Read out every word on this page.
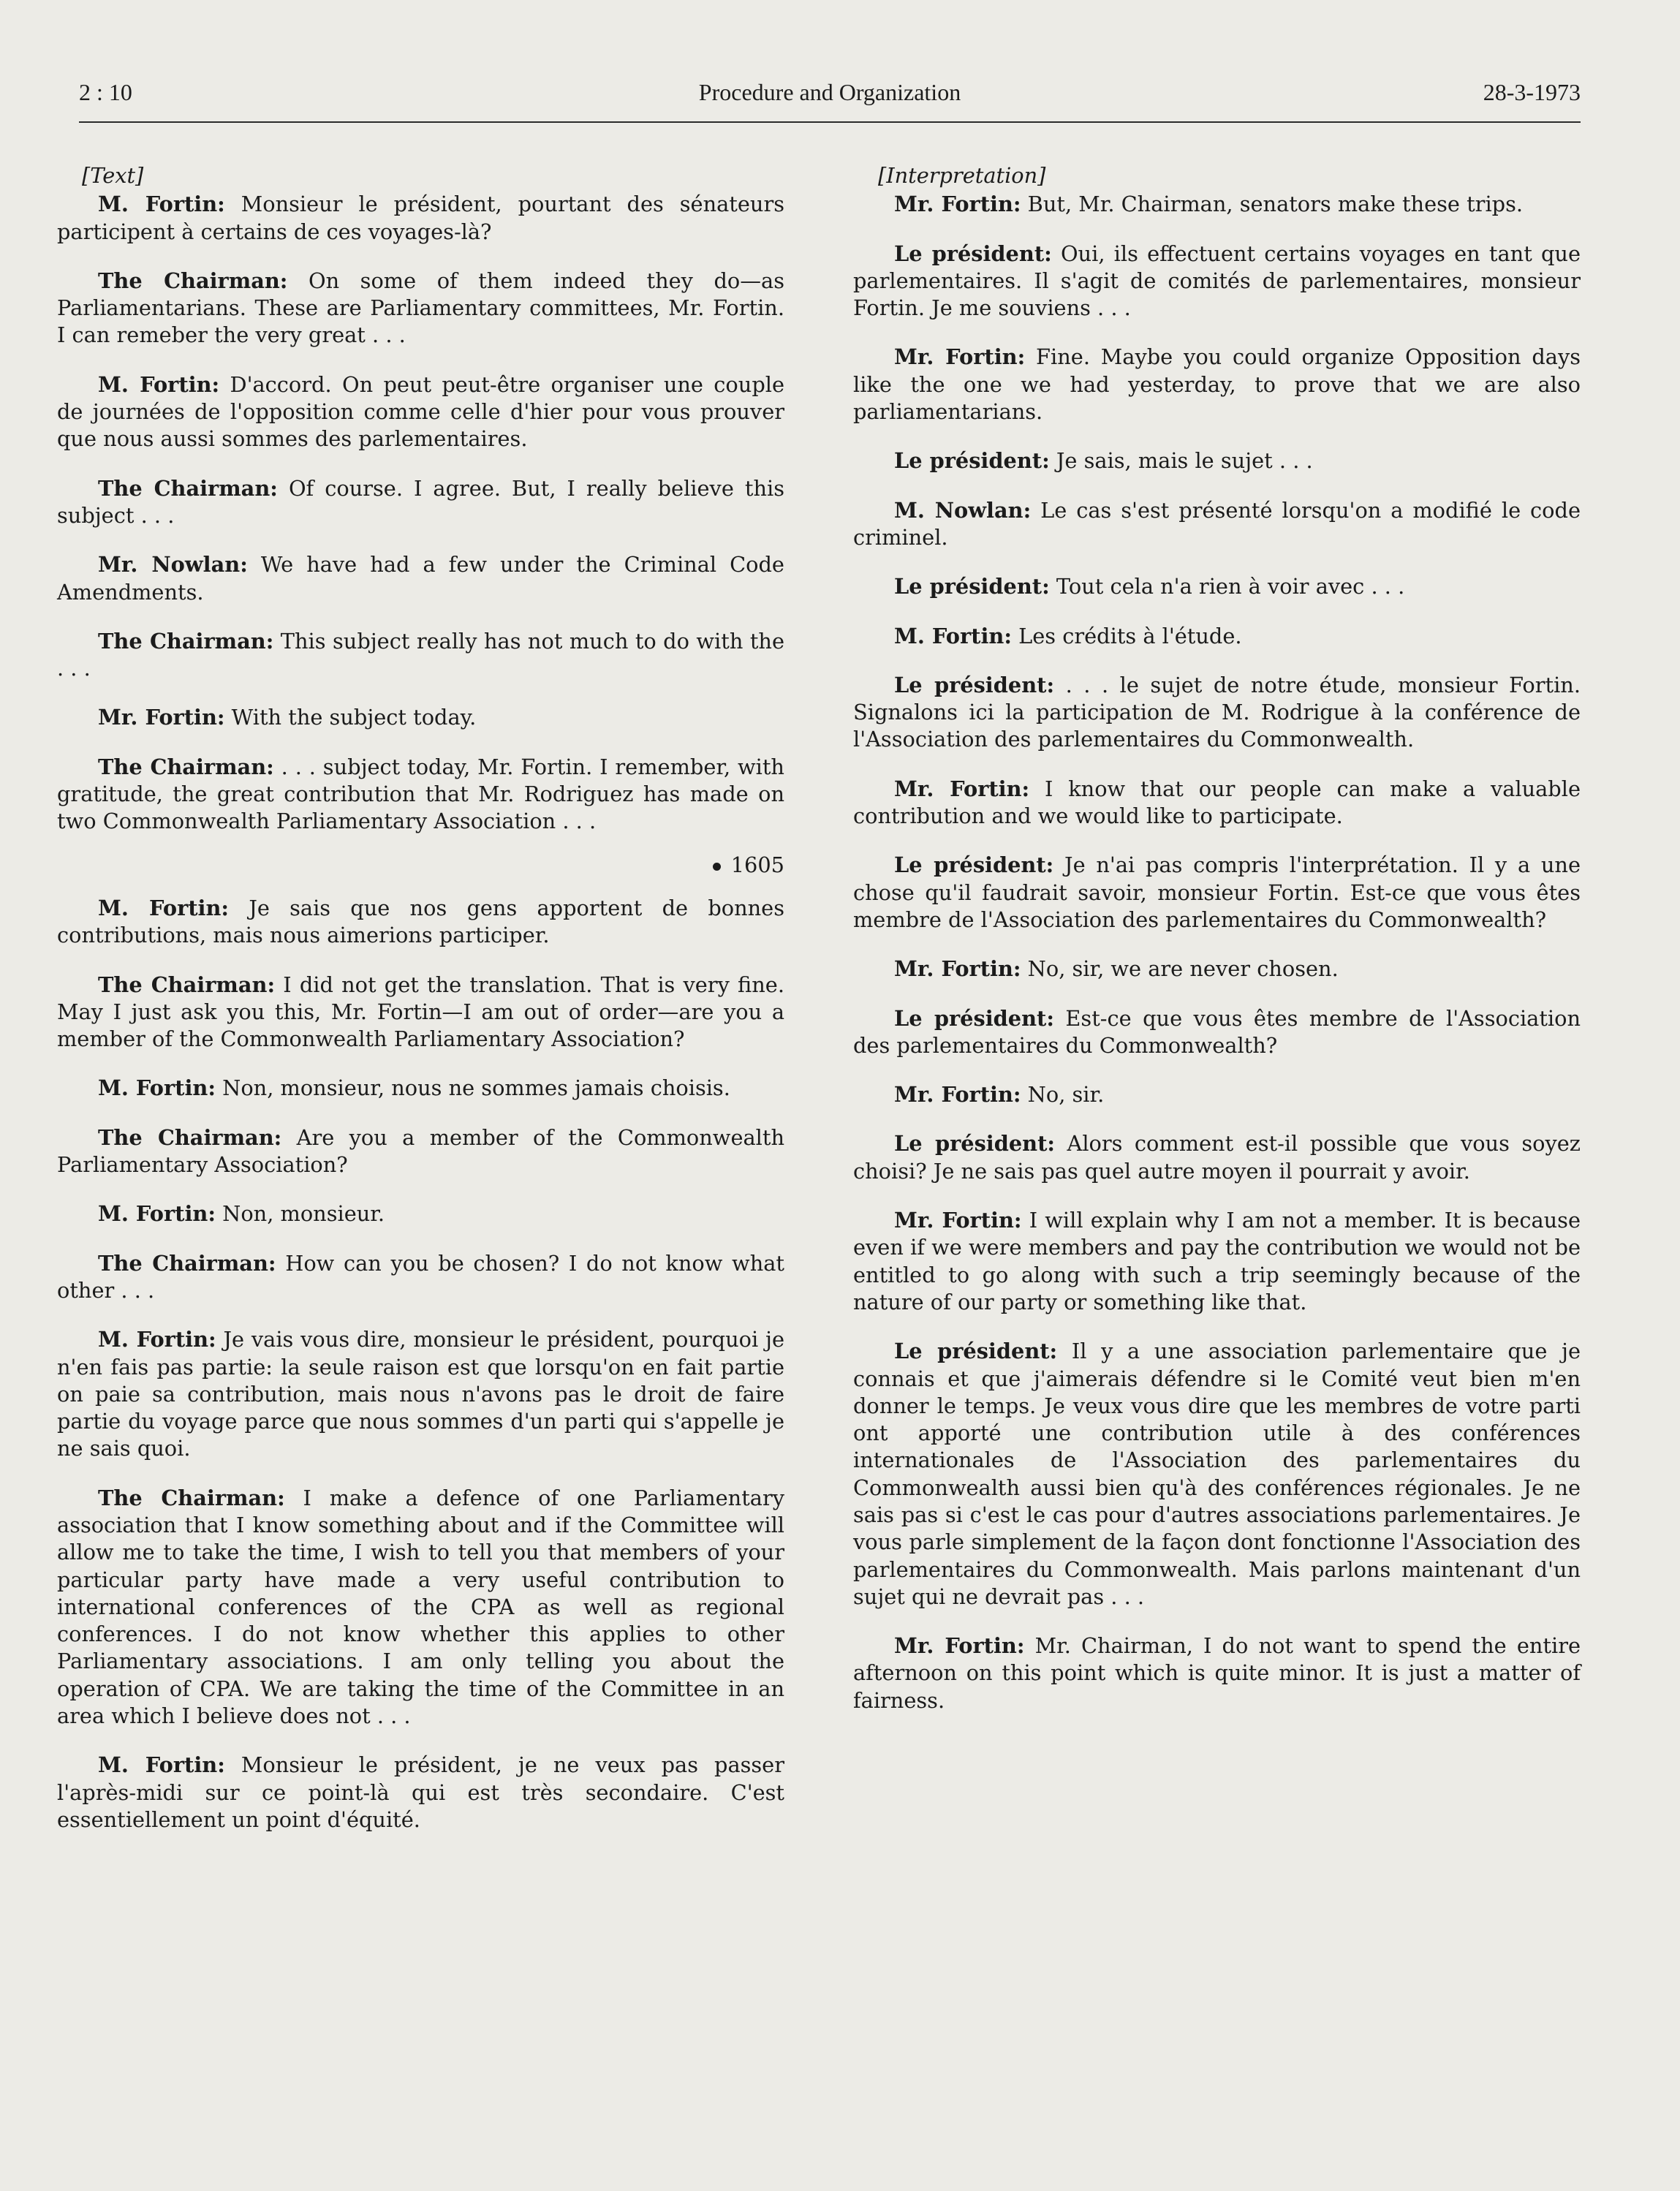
2 : 10	Procedure and Organization	28-3-1973
[Text]

M. Fortin: Monsieur le président, pourtant des sénateurs participent à certains de ces voyages-là?

The Chairman: On some of them indeed they do—as Parliamentarians. These are Parliamentary committees, Mr. Fortin. I can remeber the very great . . .

M. Fortin: D'accord. On peut peut-être organiser une couple de journées de l'opposition comme celle d'hier pour vous prouver que nous aussi sommes des parlementaires.

The Chairman: Of course. I agree. But, I really believe this subject . . .

Mr. Nowlan: We have had a few under the Criminal Code Amendments.

The Chairman: This subject really has not much to do with the . . .

Mr. Fortin: With the subject today.

The Chairman: . . . subject today, Mr. Fortin. I remember, with gratitude, the great contribution that Mr. Rodriguez has made on two Commonwealth Parliamentary Association . . .

1605

M. Fortin: Je sais que nos gens apportent de bonnes contributions, mais nous aimerions participer.

The Chairman: I did not get the translation. That is very fine. May I just ask you this, Mr. Fortin—I am out of order—are you a member of the Commonwealth Parliamentary Association?

M. Fortin: Non, monsieur, nous ne sommes jamais choisis.

The Chairman: Are you a member of the Commonwealth Parliamentary Association?

M. Fortin: Non, monsieur.

The Chairman: How can you be chosen? I do not know what other . . .

M. Fortin: Je vais vous dire, monsieur le président, pourquoi je n'en fais pas partie: la seule raison est que lorsqu'on en fait partie on paie sa contribution, mais nous n'avons pas le droit de faire partie du voyage parce que nous sommes d'un parti qui s'appelle je ne sais quoi.

The Chairman: I make a defence of one Parliamentary association that I know something about and if the Committee will allow me to take the time, I wish to tell you that members of your particular party have made a very useful contribution to international conferences of the CPA as well as regional conferences. I do not know whether this applies to other Parliamentary associations. I am only telling you about the operation of CPA. We are taking the time of the Committee in an area which I believe does not . . .

M. Fortin: Monsieur le président, je ne veux pas passer l'après-midi sur ce point-là qui est très secondaire. C'est essentiellement un point d'équité.

[Interpretation]

Mr. Fortin: But, Mr. Chairman, senators make these trips.

Le président: Oui, ils effectuent certains voyages en tant que parlementaires. Il s'agit de comités de parlementaires, monsieur Fortin. Je me souviens . . .

Mr. Fortin: Fine. Maybe you could organize Opposition days like the one we had yesterday, to prove that we are also parliamentarians.

Le président: Je sais, mais le sujet . . .

M. Nowlan: Le cas s'est présenté lorsqu'on a modifié le code criminel.

Le président: Tout cela n'a rien à voir avec . . .

M. Fortin: Les crédits à l'étude.

Le président: . . . le sujet de notre étude, monsieur Fortin. Signalons ici la participation de M. Rodrigue à la conférence de l'Association des parlementaires du Commonwealth.

Mr. Fortin: I know that our people can make a valuable contribution and we would like to participate.

Le président: Je n'ai pas compris l'interprétation. Il y a une chose qu'il faudrait savoir, monsieur Fortin. Est-ce que vous êtes membre de l'Association des parlementaires du Commonwealth?

Mr. Fortin: No, sir, we are never chosen.

Le président: Est-ce que vous êtes membre de l'Association des parlementaires du Commonwealth?

Mr. Fortin: No, sir.

Le président: Alors comment est-il possible que vous soyez choisi? Je ne sais pas quel autre moyen il pourrait y avoir.

Mr. Fortin: I will explain why I am not a member. It is because even if we were members and pay the contribution we would not be entitled to go along with such a trip seemingly because of the nature of our party or something like that.

Le président: Il y a une association parlementaire que je connais et que j'aimerais défendre si le Comité veut bien m'en donner le temps. Je veux vous dire que les membres de votre parti ont apporté une contribution utile à des conférences internationales de l'Association des parlementaires du Commonwealth aussi bien qu'à des conférences régionales. Je ne sais pas si c'est le cas pour d'autres associations parlementaires. Je vous parle simplement de la façon dont fonctionne l'Association des parlementaires du Commonwealth. Mais parlons maintenant d'un sujet qui ne devrait pas . . .

Mr. Fortin: Mr. Chairman, I do not want to spend the entire afternoon on this point which is quite minor. It is just a matter of fairness.
